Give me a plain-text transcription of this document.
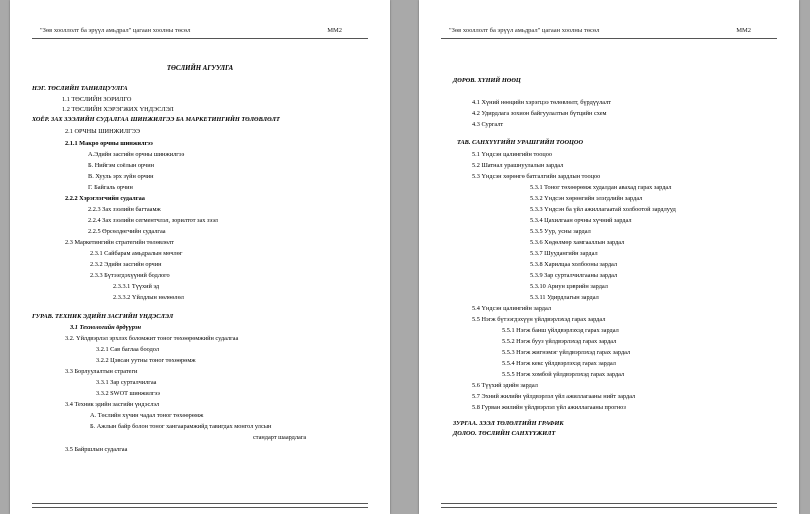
"Зөв хооллолт ба эрүүл амьдрал" цагаан хоолны төсөл	ММ2
ТӨСЛИЙН АГУУЛГА
НЭГ. ТӨСЛИЙН ТАНИЛЦУУЛГА
1.1 ТӨСЛИЙН ЗОРИЛГО
1.2 ТӨСЛИЙН ХЭРЭГЖИХ ҮНДЭСЛЭЛ
ХОЁР. ЗАХ ЗЭЭЛИЙН СУДАЛГАА ШИНЖИЛГЭЭ БА МАРКЕТИНГИЙН ТӨЛӨВЛӨЛТ
2.1 ОРЧНЫ ШИНЖИЛГЭЭ
2.1.1 Макро орчны шинжилгээ
А.Эдийн засгийн орчны шинжилгээ
Б. Нийгэм соёлын орчин
В. Хууль эрх зүйн орчин
Г. Байгаль орчин
2.2.2 Хэрэглэгчийн судалгаа
2.2.3 Зах зээлийн багтаамж
2.2.4 Зах зээлийн сегментчлэл, зорилтот зах зээл
2.2.5 Өрсөлдөгчийн судалгаа
2.3 Маркетингийн стратегийн төлөвлөлт
2.3.1 Сайбарам амьдралын мөчлөг
2.3.2 Эдийн засгийн орчин
2.3.3 Бүтээгдэхүүний бодлого
2.3.3.1 Түүхий эд
2.3.3.2 Үйлдлын нөлөөлөл
ГУРАВ. ТЕХНИК ЭДИЙН ЗАСГИЙН ҮНДЭСЛЭЛ
3.1 Технологийн ӫрдүүрэн
3.2. Үйлдвэрлэл эрхлэх боломжит тоног төхөөрөмжийн судалгаа
3.2.1 Сав баглаа боодол
3.2.2 Цэвсан уутны тоног төхөөрөмж
3.3 Борлуулалтын стратеги
3.3.1 Зар сурталчилгаа
3.3.2 SWOT шинжилгээ
3.4 Техник эдийн засгийн үндэслэл
А. Төслийн хүчин чадал тоног төхөөрөмж
Б. Ажлын байр болон тоног хангаарамжийд тавигдах монгол улсын
стандарт шаардлага
3.5 Байршлын судалгаа
"Зөв хооллолт ба эрүүл амьдрал" цагаан хоолны төсөл	ММ2
ДӨРӨВ. ХҮНИЙ НӨӨЦ
4.1 Хүний нөөцийн хэрэгцээ төлөвлөлт, бүрдүүлалт
4.2 Удирдлага зохион байгуулалтын бүтцийн схем
4.3 Сургалт
ТАВ. САНХҮҮГИЙН УРАШГИЙН ТООЦОО
5.1 Үндсэн цалингийн тооцоо
5.2 Шатнал урашнуулалын зардал
5.3 Үндсэн хөрөнгө батгалгийн зардлын тооцоо
5.3.1 Тоног төхөөрөмж худалдан авахад гарах зардал
5.3.2 Үндсэн хөрөнгийн элэгдлийн зардал
5.3.3 Үндсэн ба үйл ажиллагаатай холбоотой зардлууд
5.3.4 Цахилгаан орчны хүчний зардал
5.3.5 Уур, усны зардал
5.3.6 Хөдөлмөр хамгааллын зардал
5.3.7 Шуудангийн зардал
5.3.8 Харилцаа холбооны зардал
5.3.9 Зар сурталчилгааны зардал
5.3.10 Ариун цэврийн зардал
5.3.11 Удирдлагын зардал
5.4 Үндсэн цалингийн зардал
5.5 Нэгж бүтээгдэхүүн үйлдвэрлэхэд гарах зардал
5.5.1 Нэгж банш үйлдвэрлэхэд гарах зардал
5.5.2 Нэгж бууз үйлдвэрлэхэд гарах зардал
5.5.3 Нэгж жигнэмэг үйлдвэрлэхэд гарах зардал
5.5.4 Нэгж кекс үйлдвэрлэхэд гарах зардал
5.5.5 Нэгж хомбой үйлдвэрлэхэд гарах зардал
5.6 Түүхий эдийн зардал
5.7 Эхний жилийн үйлдвэрлэл үйл ажиллагааны нийт зардал
5.8 Гурван жилийн үйлдвэрлэл үйл ажиллагааны прогноз
ЗУРГАА. ЗЭЭЛ ТӨЛӨЛТИЙН ГРАФИК
ДОЛОО. ТӨСЛИЙН САНХҮҮЖИЛТ
